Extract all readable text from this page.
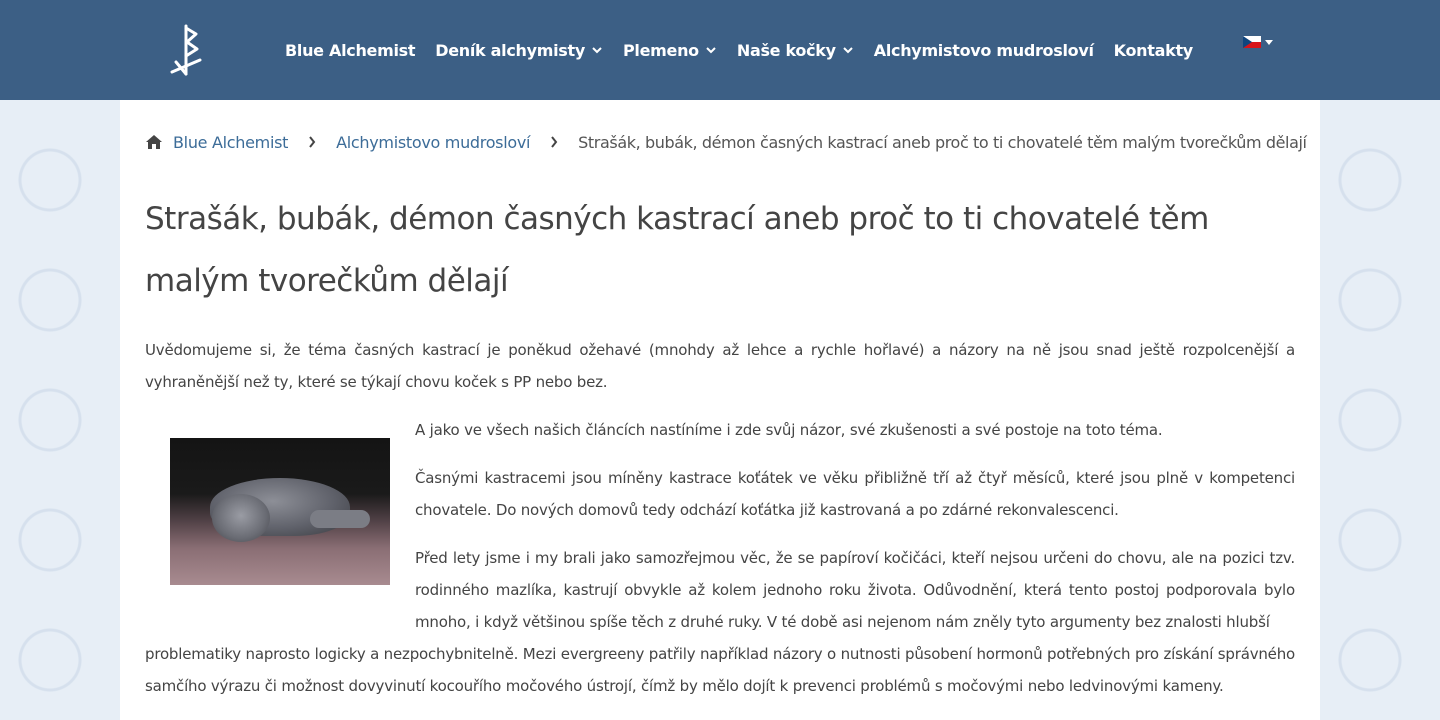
Blue Alchemist Deník alchymisty Plemeno Naše kočky Alchymistovo mudrosloví Kontakty
Blue Alchemist	Alchymistovo mudrosloví	Strašák, bubák, démon časných kastrací aneb proč to ti chovatelé těm malým tvorečkům dělají
Strašák, bubák, démon časných kastrací aneb proč to ti chovatelé těm malým tvorečkům dělají

Uvědomujeme si, že téma časných kastrací je poněkud ožehavé (mnohdy až lehce a rychle hořlavé) a názory na ně jsou snad ještě rozpolcenější a vyhraněnější než ty, které se týkají chovu koček s PP nebo bez.

A jako ve všech našich článcích nastíníme i zde svůj názor, své zkušenosti a své postoje na toto téma.

Časnými kastracemi jsou míněny kastrace koťátek ve věku přibližně tří až čtyř měsíců, které jsou plně v kompetenci chovatele. Do nových domovů tedy odchází koťátka již kastrovaná a po zdárné rekonvalescenci.

Před lety jsme i my brali jako samozřejmou věc, že se papíroví kočičáci, kteří nejsou určeni do chovu, ale na pozici tzv. rodinného mazlíka, kastrují obvykle až kolem jednoho roku života. Odůvodnění, která tento postoj podporovala bylo mnoho, i když většinou spíše těch z druhé ruky. V té době asi nejenom nám zněly tyto argumenty bez znalosti hlubší

problematiky naprosto logicky a nezpochybnitelně. Mezi evergreeny patřily například názory o nutnosti působení hormonů potřebných pro získání správného samčího výrazu či možnost dovyvinutí kocouřího močového ústrojí, čímž by mělo dojít k prevenci problémů s močovými nebo ledvinovými kameny.
